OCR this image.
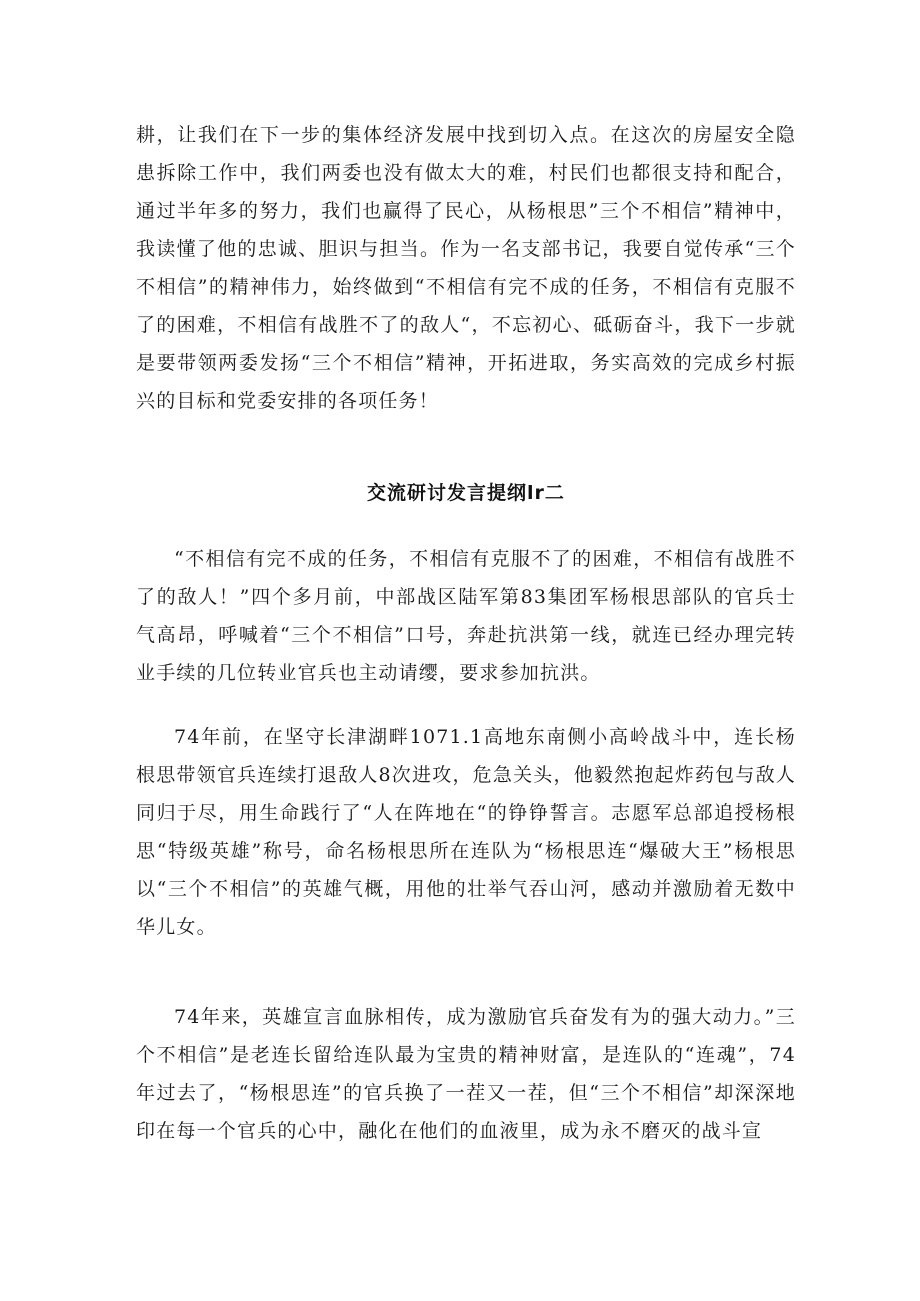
耕，让我们在下一步的集体经济发展中找到切入点。在这次的房屋安全隐患拆除工作中，我们两委也没有做太大的难，村民们也都很支持和配合，通过半年多的努力，我们也赢得了民心，从杨根思”三个不相信”精神中，我读懂了他的忠诚、胆识与担当。作为一名支部书记，我要自觉传承“三个不相信”的精神伟力，始终做到“不相信有完不成的任务，不相信有克服不了的困难，不相信有战胜不了的敌人“，不忘初心、砥砺奋斗，我下一步就是要带领两委发扬“三个不相信”精神，开拓进取，务实高效的完成乡村振兴的目标和党委安排的各项任务！

交流研讨发言提纲lr二

“不相信有完不成的任务，不相信有克服不了的困难，不相信有战胜不了的敌人！”四个多月前，中部战区陆军第83集团军杨根思部队的官兵士气高昂，呼喊着“三个不相信”口号，奔赴抗洪第一线，就连已经办理完转业手续的几位转业官兵也主动请缨，要求参加抗洪。

74年前，在坚守长津湖畔1071.1高地东南侧小高岭战斗中，连长杨根思带领官兵连续打退敌人8次进攻，危急关头，他毅然抱起炸药包与敌人同归于尽，用生命践行了“人在阵地在“的铮铮誓言。志愿军总部追授杨根思“特级英雄”称号，命名杨根思所在连队为“杨根思连“爆破大王”杨根思以“三个不相信”的英雄气概，用他的壮举气吞山河，感动并激励着无数中华儿女。

74年来，英雄宣言血脉相传，成为激励官兵奋发有为的强大动力。”三个不相信”是老连长留给连队最为宝贵的精神财富，是连队的“连魂”，74年过去了，“杨根思连”的官兵换了一茬又一茬，但“三个不相信”却深深地印在每一个官兵的心中，融化在他们的血液里，成为永不磨灭的战斗宣
